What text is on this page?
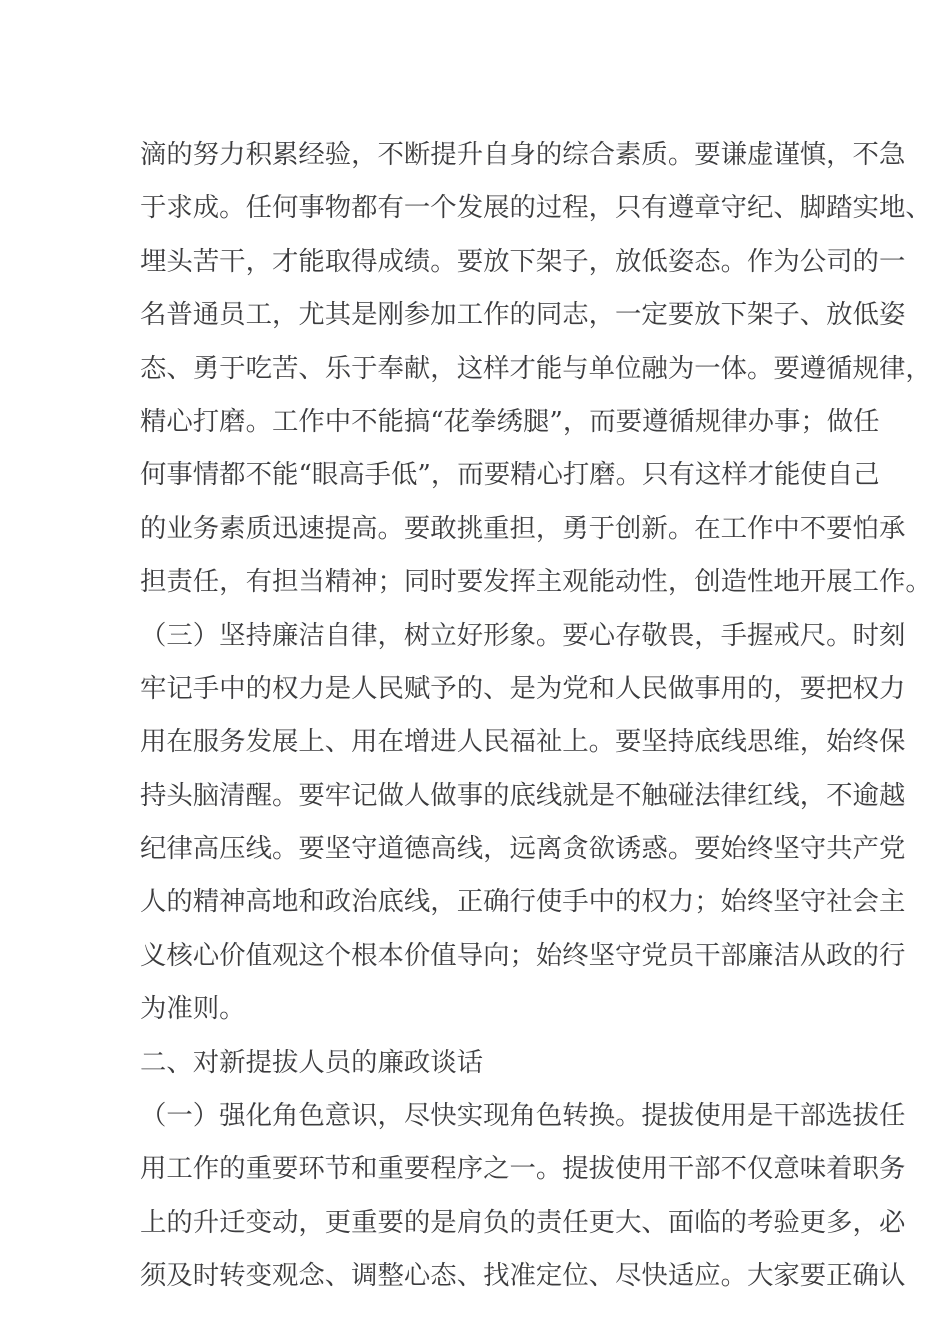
滴 的 努 力 积 累 经 验 ， 不 断 提 升 自 身 的 综 合 素 质 。 要 谦 虚 谨 慎 ， 不 急
于 求 成 。 任 何 事 物 都 有 一 个 发 展 的 过 程 ， 只 有 遵 章 守 纪 、 脚 踏 实 地 、
埋 头 苦 干 ， 才 能 取 得 成 绩 。 要 放 下 架 子 ， 放 低 姿 态 。 作 为 公 司 的 一
名 普 通 员 工 ， 尤 其 是 刚 参 加 工 作 的 同 志 ， 一 定 要 放 下 架 子 、 放 低 姿
态 、 勇 于 吃 苦 、 乐 于 奉 献 ， 这 样 才 能 与 单 位 融 为 一 体 。 要 遵 循 规 律 ，
精 心 打 磨 。 工 作 中 不 能 搞 “ 花 拳 绣 腿 ” ， 而 要 遵 循 规 律 办 事 ； 做 任
何 事 情 都 不 能 “ 眼 高 手 低 ” ， 而 要 精 心 打 磨 。 只 有 这 样 才 能 使 自 己
的 业 务 素 质 迅 速 提 高 。 要 敢 挑 重 担 ， 勇 于 创 新 。 在 工 作 中 不 要 怕 承
担 责 任 ， 有 担 当 精 神 ； 同 时 要 发 挥 主 观 能 动 性 ， 创 造 性 地 开 展 工 作 。
（ 三 ） 坚 持 廉 洁 自 律 ， 树 立 好 形 象 。 要 心 存 敬 畏 ， 手 握 戒 尺 。 时 刻
牢 记 手 中 的 权 力 是 人 民 赋 予 的 、 是 为 党 和 人 民 做 事 用 的 ， 要 把 权 力
用 在 服 务 发 展 上 、 用 在 增 进 人 民 福 祉 上 。 要 坚 持 底 线 思 维 ， 始 终 保
持 头 脑 清 醒 。 要 牢 记 做 人 做 事 的 底 线 就 是 不 触 碰 法 律 红 线 ， 不 逾 越
纪 律 高 压 线 。 要 坚 守 道 德 高 线 ， 远 离 贪 欲 诱 惑 。 要 始 终 坚 守 共 产 党
人 的 精 神 高 地 和 政 治 底 线 ， 正 确 行 使 手 中 的 权 力 ； 始 终 坚 守 社 会 主
义 核 心 价 值 观 这 个 根 本 价 值 导 向 ； 始 终 坚 守 党 员 干 部 廉 洁 从 政 的 行
为准则。
二、对新提拔人员的廉政谈话
（ 一 ） 强 化 角 色 意 识 ， 尽 快 实 现 角 色 转 换 。 提 拔 使 用 是 干 部 选 拔 任
用 工 作 的 重 要 环 节 和 重 要 程 序 之 一 。 提 拔 使 用 干 部 不 仅 意 味 着 职 务
上 的 升 迁 变 动 ， 更 重 要 的 是 肩 负 的 责 任 更 大 、 面 临 的 考 验 更 多 ， 必
须 及 时 转 变 观 念 、 调 整 心 态 、 找 准 定 位 、 尽 快 适 应 。 大 家 要 正 确 认
